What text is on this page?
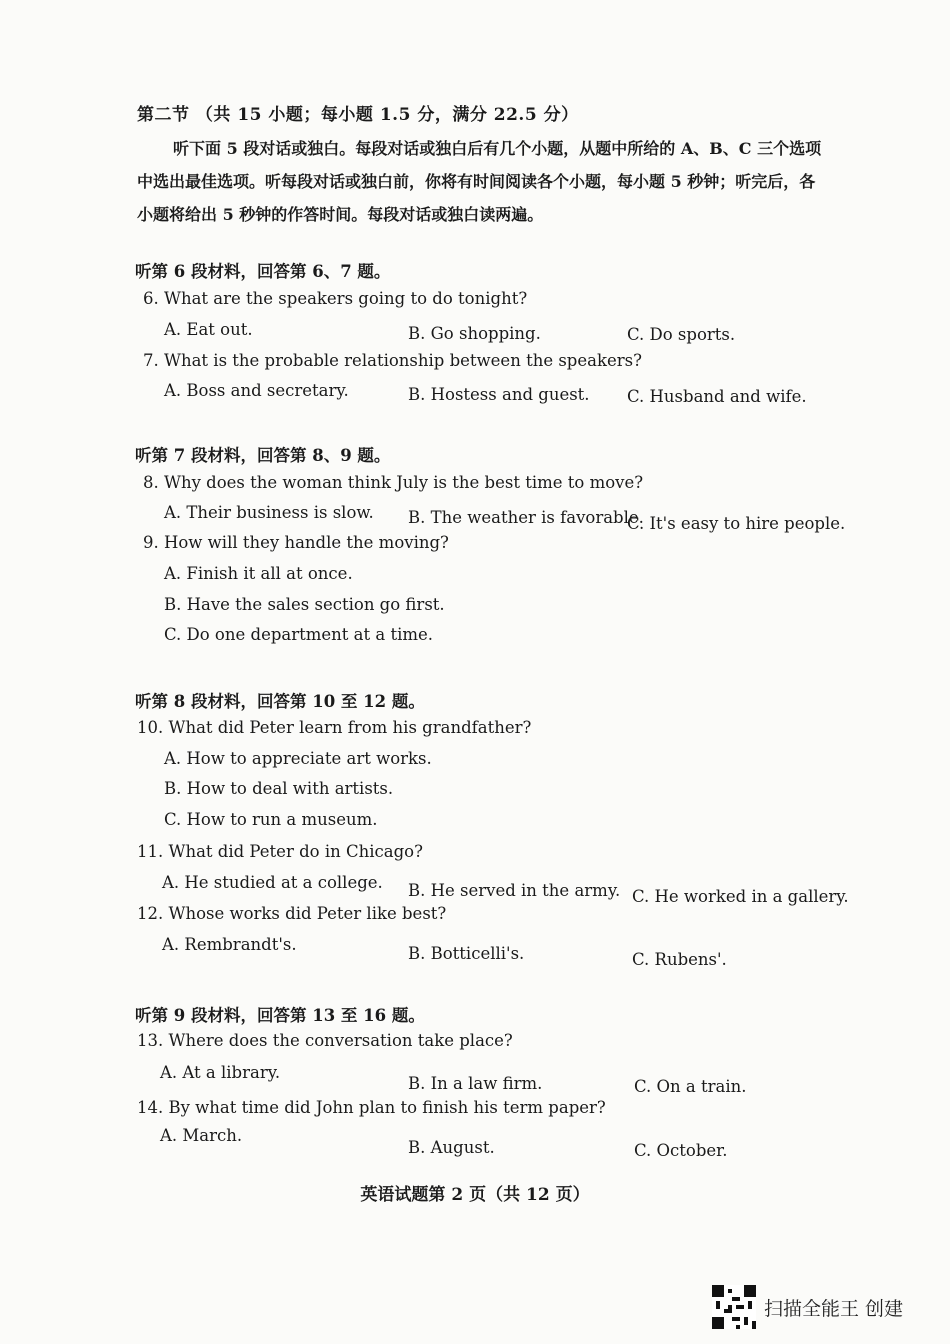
第二节 （共 15 小题；每小题 1.5 分，满分 22.5 分）
听下面 5 段对话或独白。每段对话或独白后有几个小题，从题中所给的 A、B、C 三个选项中选出最佳选项。听每段对话或独白前，你将有时间阅读各个小题，每小题 5 秒钟；听完后，各小题将给出 5 秒钟的作答时间。每段对话或独白读两遍。
听第 6 段材料，回答第 6、7 题。
6. What are the speakers going to do tonight?
A. Eat out.	B. Go shopping.	C. Do sports.
7. What is the probable relationship between the speakers?
A. Boss and secretary.	B. Hostess and guest. C. Husband and wife.
听第 7 段材料，回答第 8、9 题。
8. Why does the woman think July is the best time to move?
A. Their business is slow. B. The weather is favorable.
C. It's easy to hire people.
9. How will they handle the moving?
A. Finish it all at once.
B. Have the sales section go first.
C. Do one department at a time.
听第 8 段材料，回答第 10 至 12 题。
10. What did Peter learn from his grandfather?
A. How to appreciate art works.
B. How to deal with artists.
C. How to run a museum.
11. What did Peter do in Chicago?
A. He studied at a college. B. He served in the army. C. He worked in a gallery.
12. Whose works did Peter like best?
A. Rembrandt's.	B. Botticelli's.	C. Rubens'.
听第 9 段材料，回答第 13 至 16 题。
13. Where does the conversation take place?
A. At a library.
B. In a law firm.	C. On a train.
14. By what time did John plan to finish his term paper?
A. March.
B. August.	C. October.
英语试题第 2 页（共 12 页）
扫描全能王 创建
